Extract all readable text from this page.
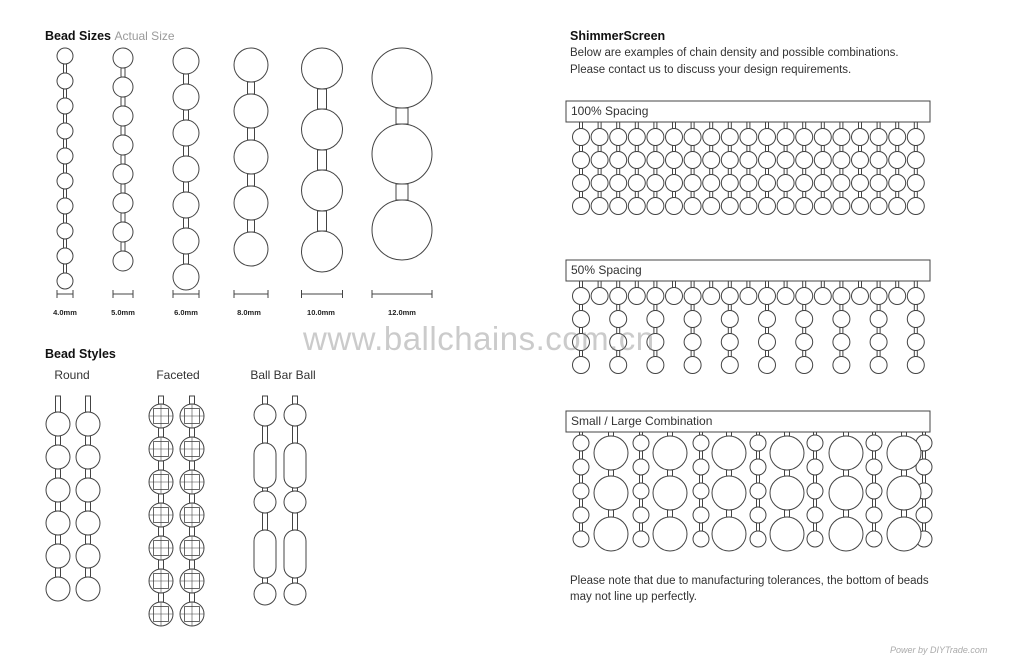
Bead Sizes Actual Size
4.0mm	5.0mm	6.0mm	8.0mm	10.0mm	12.0mm
Bead Styles
Round	Faceted	Ball Bar Ball
ShimmerScreen
Below are examples of chain density and possible combinations.
Please contact us to discuss your design requirements.
100% Spacing
50% Spacing
Small / Large Combination
Please note that due to manufacturing tolerances, the bottom of beads
may not line up perfectly.
www.ballchains.com.cn
Power by DIYTrade.com
